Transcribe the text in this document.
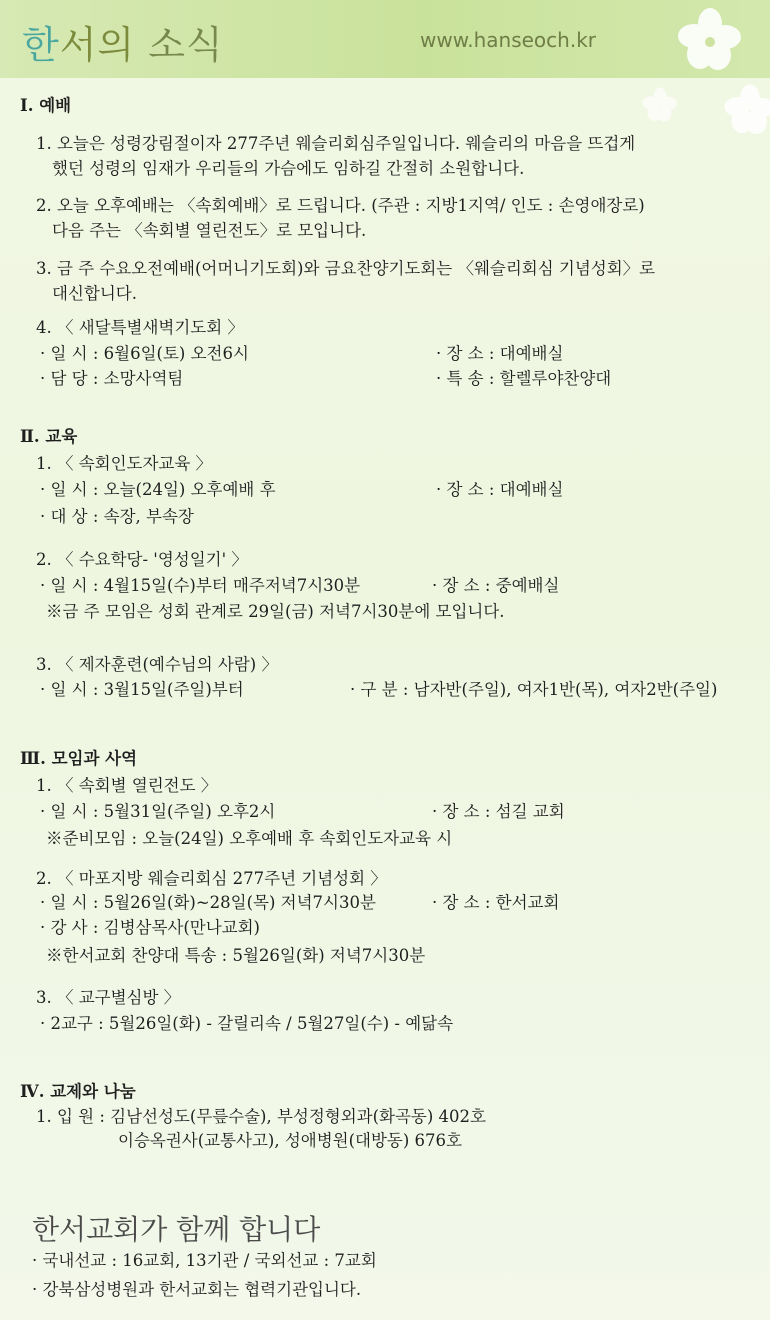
한서의 소식	www.hanseoch.kr
Ⅰ. 예배
1. 오늘은 성령강림절이자 277주년 웨슬리회심주일입니다. 웨슬리의 마음을 뜨겁게
했던 성령의 임재가 우리들의 가슴에도 임하길 간절히 소원합니다.
2. 오늘 오후예배는 〈속회예배〉로 드립니다. (주관 : 지방1지역/ 인도 : 손영애장로)
다음 주는 〈속회별 열린전도〉로 모입니다.
3. 금 주 수요오전예배(어머니기도회)와 금요찬양기도회는 〈웨슬리회심 기념성회〉로
대신합니다.
4. 〈 새달특별새벽기도회 〉
· 일 시 : 6월6일(토) 오전6시	· 장 소 : 대예배실
· 담 당 : 소망사역팀	· 특 송 : 할렐루야찬양대
Ⅱ. 교육
1. 〈 속회인도자교육 〉
· 일 시 : 오늘(24일) 오후예배 후	· 장 소 : 대예배실
· 대 상 : 속장, 부속장
2. 〈 수요학당- '영성일기' 〉
· 일 시 : 4월15일(수)부터 매주저녁7시30분	· 장 소 : 중예배실
※금 주 모임은 성회 관계로 29일(금) 저녁7시30분에 모입니다.
3. 〈 제자훈련(예수님의 사람) 〉
· 일 시 : 3월15일(주일)부터	· 구 분 : 남자반(주일), 여자1반(목), 여자2반(주일)
Ⅲ. 모임과 사역
1. 〈 속회별 열린전도 〉
· 일 시 : 5월31일(주일) 오후2시	· 장 소 : 섬길 교회
※준비모임 : 오늘(24일) 오후예배 후 속회인도자교육 시
2. 〈 마포지방 웨슬리회심 277주년 기념성회 〉
· 일 시 : 5월26일(화)~28일(목) 저녁7시30분	· 장 소 : 한서교회
· 강 사 : 김병삼목사(만나교회)
※한서교회 찬양대 특송 : 5월26일(화) 저녁7시30분
3. 〈 교구별심방 〉
· 2교구 : 5월26일(화) - 갈릴리속 / 5월27일(수) - 예닮속
Ⅳ. 교제와 나눔
1. 입 원 : 김남선성도(무릎수술), 부성정형외과(화곡동) 402호
이승옥권사(교통사고), 성애병원(대방동) 676호
· 국내선교 : 16교회, 13기관 / 국외선교 : 7교회
· 강북삼성병원과 한서교회는 협력기관입니다.
한서교회가 함께 합니다
